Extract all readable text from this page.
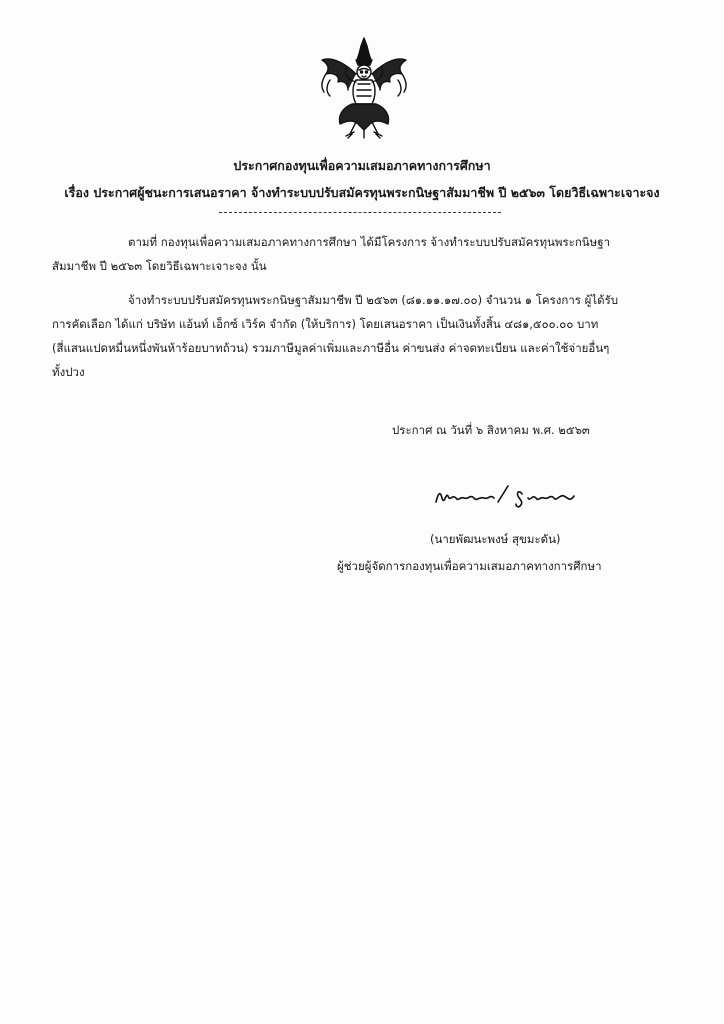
ประกาศกองทุนเพื่อความเสมอภาคทางการศึกษา
เรื่อง ประกาศผู้ชนะการเสนอราคา จ้างทำระบบปรับสมัครทุนพระกนิษฐาสัมมาชีพ ปี ๒๕๖๓ โดยวิธีเฉพาะเจาะจง
ตามที่ กองทุนเพื่อความเสมอภาคทางการศึกษา ได้มีโครงการ จ้างทำระบบปรับสมัครทุนพระกนิษฐา
สัมมาชีพ ปี ๒๕๖๓ โดยวิธีเฉพาะเจาะจง นั้น
จ้างทำระบบปรับสมัครทุนพระกนิษฐาสัมมาชีพ ปี ๒๕๖๓ (๘๑.๑๑.๑๗.๐๐) จำนวน ๑ โครงการ ผู้ได้รับ
การคัดเลือก ได้แก่ บริษัท แอ้นท์ เอ็กซ์ เวิร์ค จำกัด (ให้บริการ) โดยเสนอราคา เป็นเงินทั้งสิ้น ๔๘๑,๕๐๐.๐๐ บาท
(สี่แสนแปดหมื่นหนึ่งพันห้าร้อยบาทถ้วน) รวมภาษีมูลค่าเพิ่มและภาษีอื่น ค่าขนส่ง ค่าจดทะเบียน และค่าใช้จ่ายอื่นๆ
ทั้งปวง
ประกาศ ณ วันที่ ๖ สิงหาคม พ.ศ. ๒๕๖๓
(นายพัฒนะพงษ์ สุขมะดัน)
ผู้ช่วยผู้จัดการกองทุนเพื่อความเสมอภาคทางการศึกษา
